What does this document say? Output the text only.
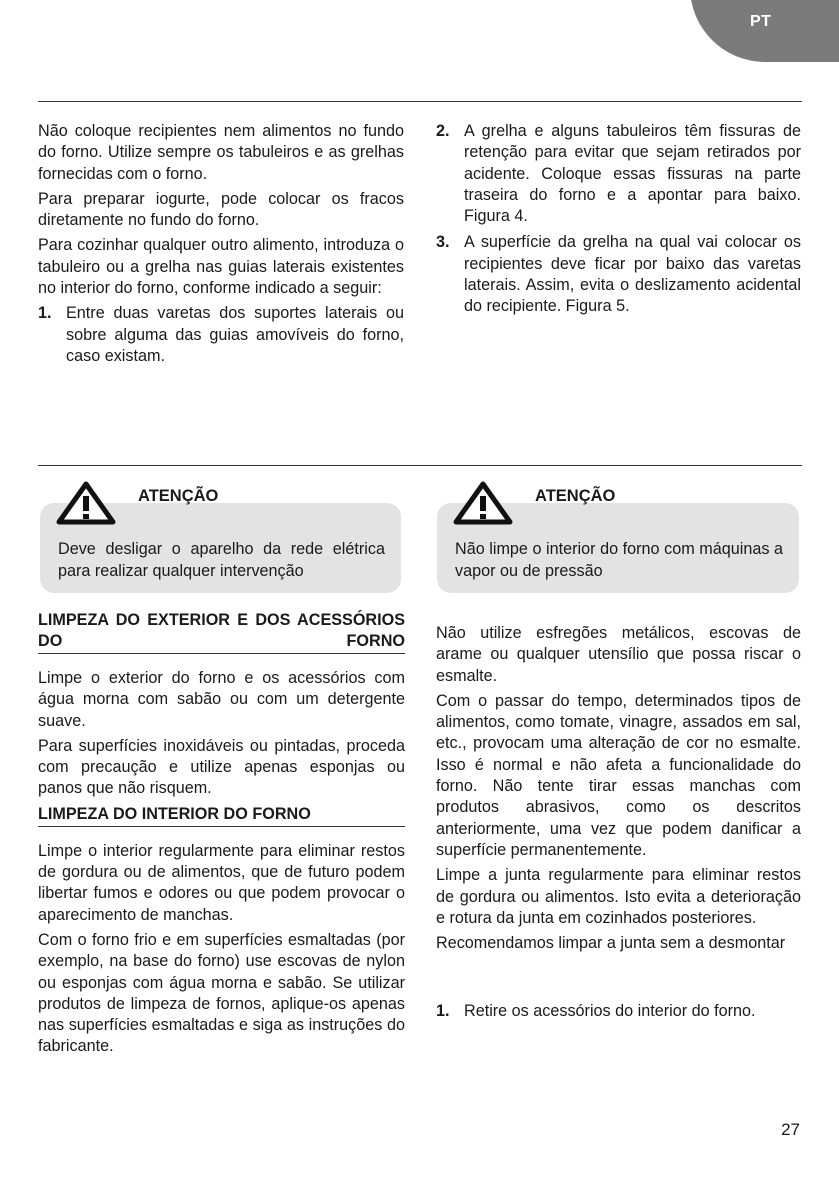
PT

Não coloque recipientes nem alimentos no fundo do forno. Utilize sempre os tabuleiros e as grelhas fornecidas com o forno.

Para preparar iogurte, pode colocar os fracos diretamente no fundo do forno.

Para cozinhar qualquer outro alimento, introduza o tabuleiro ou a grelha nas guias laterais existentes no interior do forno, conforme indicado a seguir:

1. Entre duas varetas dos suportes laterais ou sobre alguma das guias amovíveis do forno, caso existam.
2. A grelha e alguns tabuleiros têm fissuras de retenção para evitar que sejam retirados por acidente. Coloque essas fissuras na parte traseira do forno e a apontar para baixo. Figura 4.
3. A superfície da grelha na qual vai colocar os recipientes deve ficar por baixo das varetas laterais. Assim, evita o deslizamento acidental do recipiente. Figura 5.
ATENÇÃO
Deve desligar o aparelho da rede elétrica para realizar qualquer intervenção
ATENÇÃO
Não limpe o interior do forno com máquinas a vapor ou de pressão
LIMPEZA DO EXTERIOR E DOS ACESSÓRIOS DO FORNO

Limpe o exterior do forno e os acessórios com água morna com sabão ou com um detergente suave.

Para superfícies inoxidáveis ou pintadas, proceda com precaução e utilize apenas esponjas ou panos que não risquem.

LIMPEZA DO INTERIOR DO FORNO

Limpe o interior regularmente para eliminar restos de gordura ou de alimentos, que de futuro podem libertar fumos e odores ou que podem provocar o aparecimento de manchas.

Com o forno frio e em superfícies esmaltadas (por exemplo, na base do forno) use escovas de nylon ou esponjas com água morna e sabão. Se utilizar produtos de limpeza de fornos, aplique-os apenas nas superfícies esmaltadas e siga as instruções do fabricante.

Não utilize esfregões metálicos, escovas de arame ou qualquer utensílio que possa riscar o esmalte.

Com o passar do tempo, determinados tipos de alimentos, como tomate, vinagre, assados em sal, etc., provocam uma alteração de cor no esmalte. Isso é normal e não afeta a funcionalidade do forno. Não tente tirar essas manchas com produtos abrasivos, como os descritos anteriormente, uma vez que podem danificar a superfície permanentemente.

Limpe a junta regularmente para eliminar restos de gordura ou alimentos. Isto evita a deterioração e rotura da junta em cozinhados posteriores.

Recomendamos limpar a junta sem a desmontar

1. Retire os acessórios do interior do forno.
27
